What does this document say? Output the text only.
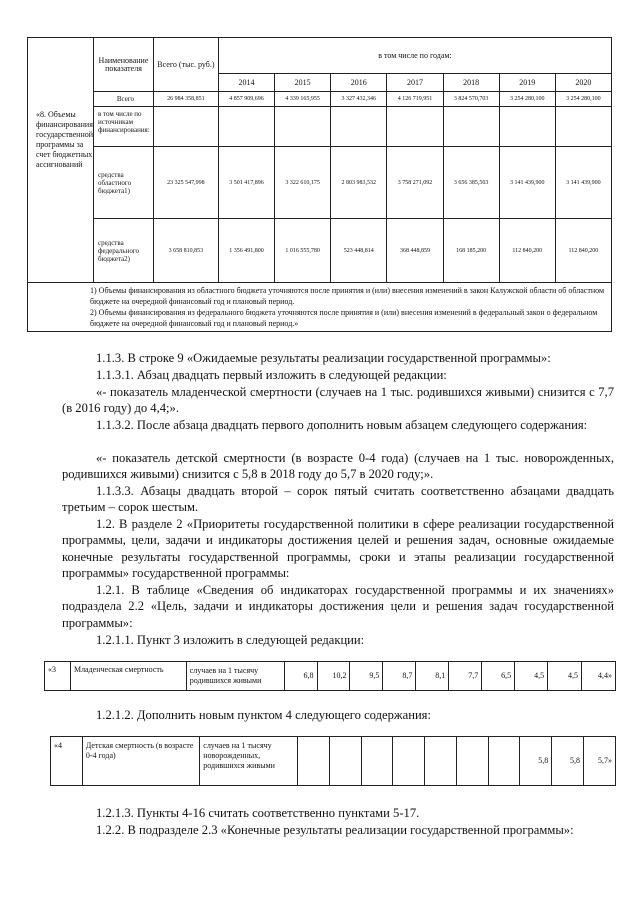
«8. Объемы финансирования государственной программы за счет бюджетных ассигнований	Наименование показателя	Всего (тыс. руб.)	в том числе по годам:						
			2014	2015	2016	2017	2018	2019	2020
	Всего	26 984 358,851	4 857 909,696	4 339 165,955	3 327 432,346	4 126 719,951	3 824 570,703	3 254 280,100	3 254 280,100
	в том числе по источникам финансирования:								
	средства областного бюджета1)	23 325 547,998	3 501 417,896	3 322 610,175	2 803 983,532	3 758 271,092	3 656 385,503	3 141 439,900	3 141 439,900
	средства федерального бюджета2)	3 658 810,853	1 356 491,800	1 016 555,780	523 448,814	368 448,859	168 185,200	112 840,200	112 840,200

1) Объемы финансирования из областного бюджета уточняются после принятия и (или) внесения изменений в закон Калужской области об областном бюджете на очередной финансовый год и плановый период.
2) Объемы финансирования из федерального бюджета уточняются после принятия и (или) внесения изменений в федеральный закон о федеральном бюджете на очередной финансовый год и плановый период.»									

1.1.3. В строке 9 «Ожидаемые результаты реализации государственной программы»:

1.1.3.1. Абзац двадцать первый изложить в следующей редакции:

«- показатель младенческой смертности (случаев на 1 тыс. родившихся живыми) снизится с 7,7 (в 2016 году) до 4,4;».

1.1.3.2. После абзаца двадцать первого дополнить новым абзацем следующего содержания:

«- показатель детской смертности (в возрасте 0-4 года) (случаев на 1 тыс. новорожденных, родившихся живыми) снизится с 5,8 в 2018 году до 5,7 в 2020 году;».

1.1.3.3. Абзацы двадцать второй – сорок пятый считать соответственно абзацами двадцать третьим – сорок шестым.

1.2. В разделе 2 «Приоритеты государственной политики в сфере реализации государственной программы, цели, задачи и индикаторы достижения целей и решения задач, основные ожидаемые конечные результаты государственной программы, сроки и этапы реализации государственной программы» государственной программы:

1.2.1. В таблице «Сведения об индикаторах государственной программы и их значениях» подраздела 2.2 «Цель, задачи и индикаторы достижения цели и решения задач государственной программы»:

1.2.1.1. Пункт 3 изложить в следующей редакции:

«3	Младенческая смертность	случаев на 1 тысячу родившихся живыми	6,8	10,2	9,5	8,7	8,1	7,7	6,5	4,5	4,5	4,4»

1.2.1.2. Дополнить новым пунктом 4 следующего содержания:

«4	Детская смертность (в возрасте 0-4 года)	случаев на 1 тысячу новорожденных, родившихся живыми								5,8	5,8	5,7»

1.2.1.3. Пункты 4-16 считать соответственно пунктами 5-17.

1.2.2. В подразделе 2.3 «Конечные результаты реализации государственной программы»:
